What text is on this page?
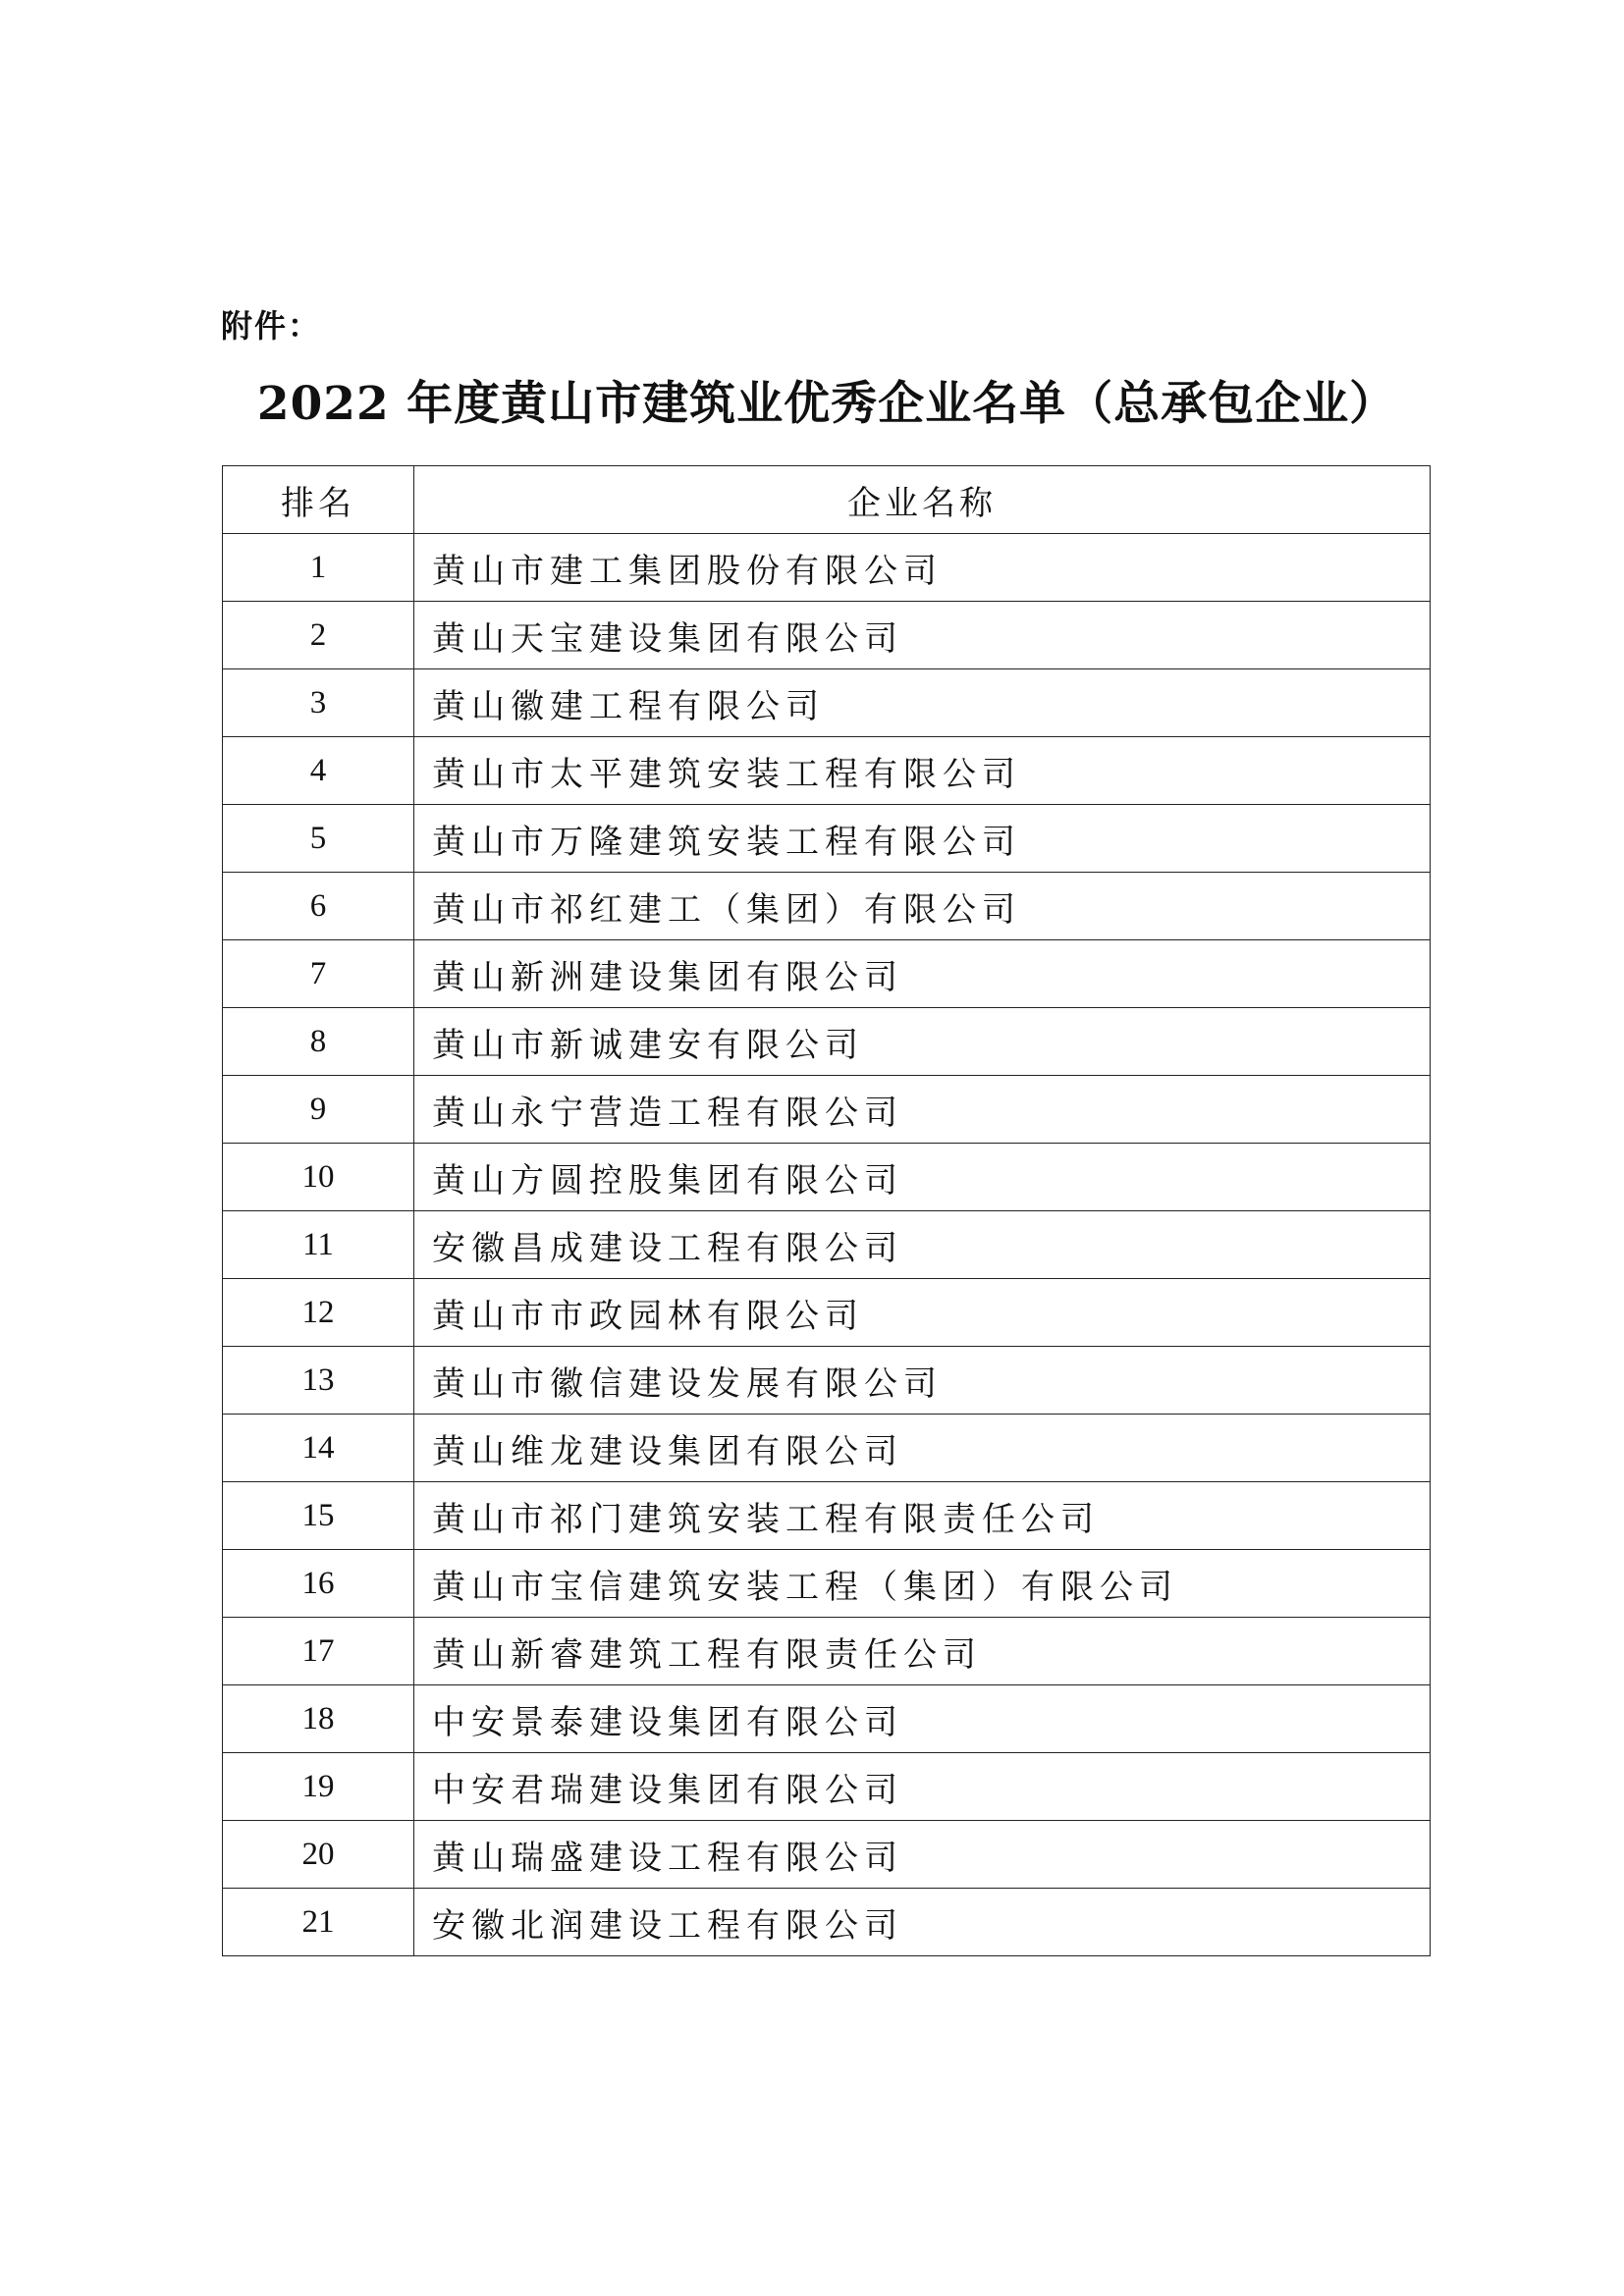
附件：
2022 年度黄山市建筑业优秀企业名单（总承包企业）
排名	企业名称
1	黄山市建工集团股份有限公司
2	黄山天宝建设集团有限公司
3	黄山徽建工程有限公司
4	黄山市太平建筑安装工程有限公司
5	黄山市万隆建筑安装工程有限公司
6	黄山市祁红建工（集团）有限公司
7	黄山新洲建设集团有限公司
8	黄山市新诚建安有限公司
9	黄山永宁营造工程有限公司
10	黄山方圆控股集团有限公司
11	安徽昌成建设工程有限公司
12	黄山市市政园林有限公司
13	黄山市徽信建设发展有限公司
14	黄山维龙建设集团有限公司
15	黄山市祁门建筑安装工程有限责任公司
16	黄山市宝信建筑安装工程（集团）有限公司
17	黄山新睿建筑工程有限责任公司
18	中安景泰建设集团有限公司
19	中安君瑞建设集团有限公司
20	黄山瑞盛建设工程有限公司
21	安徽北润建设工程有限公司
